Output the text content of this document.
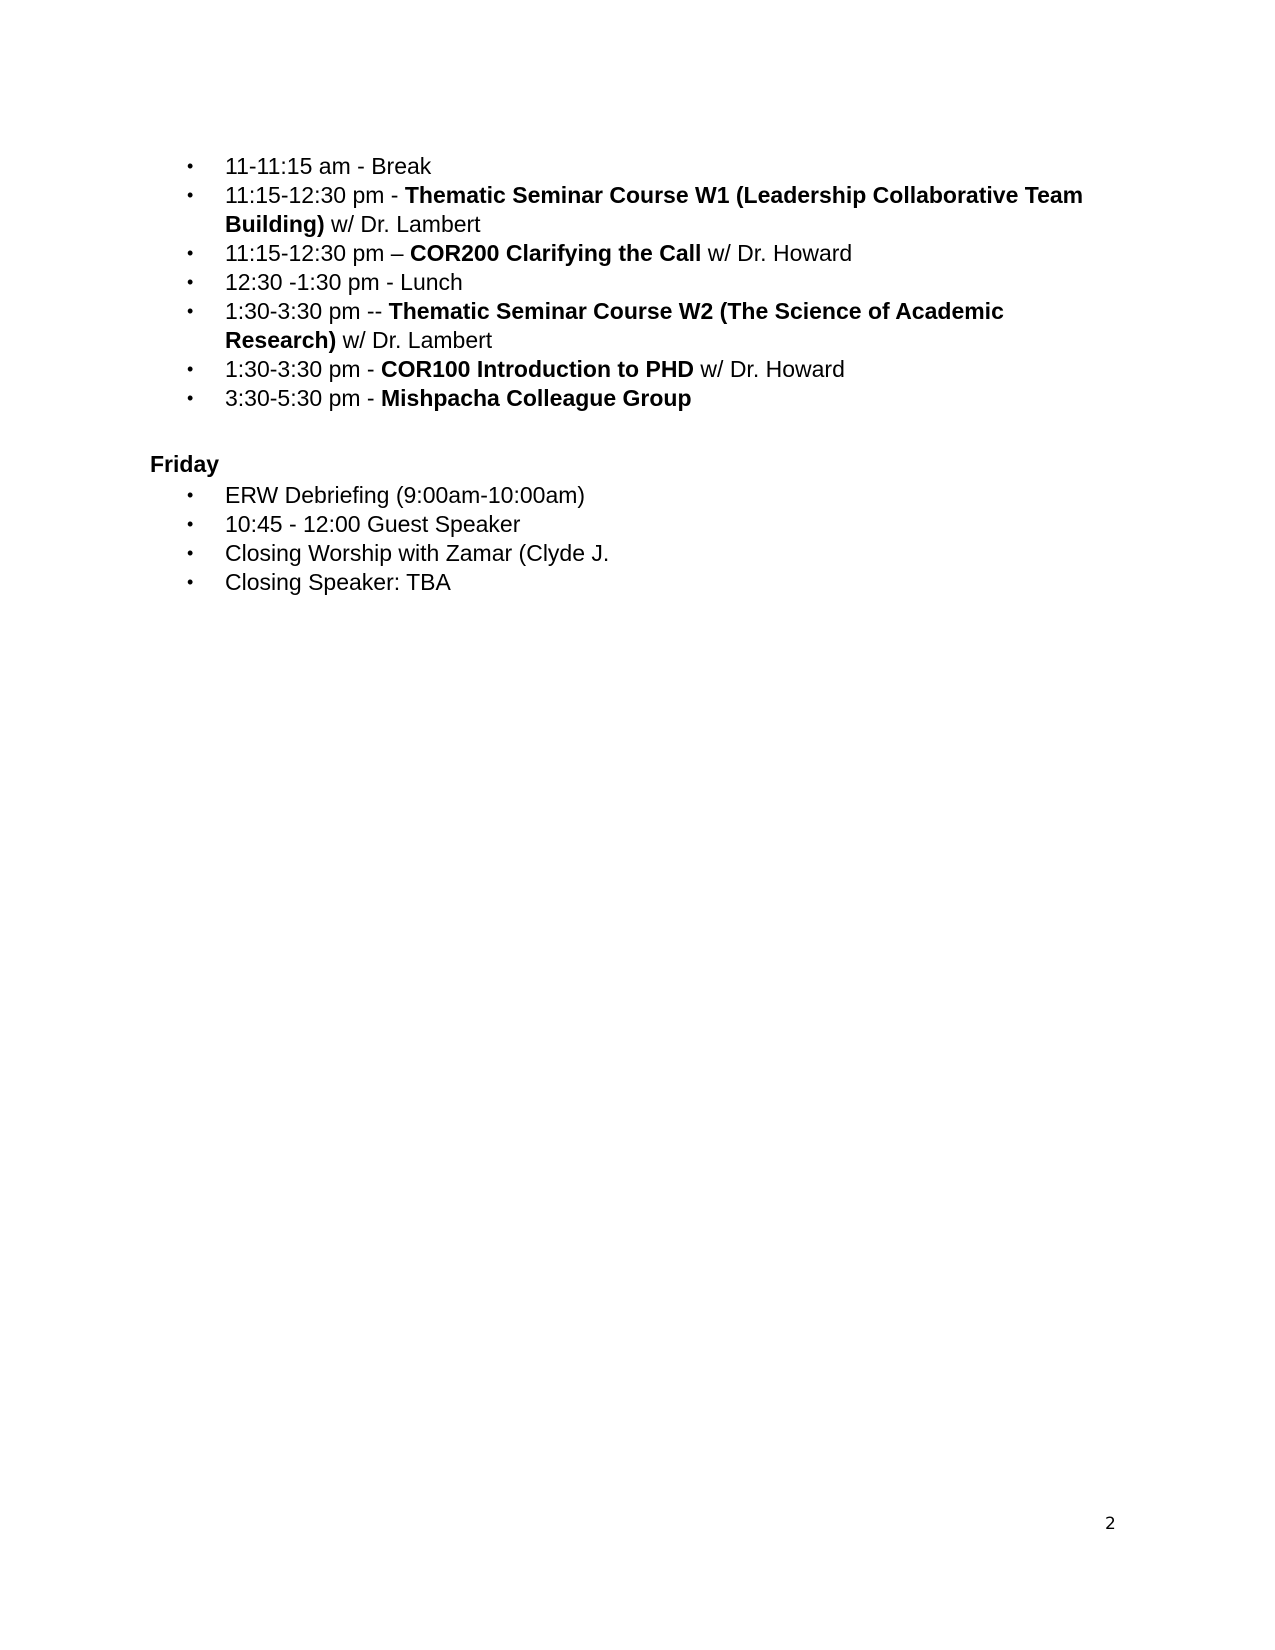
•	11-11:15 am - Break
•	11:15-12:30 pm - Thematic Seminar Course W1 (Leadership Collaborative Team Building) w/ Dr. Lambert
•	11:15-12:30 pm – COR200 Clarifying the Call w/ Dr. Howard
•	12:30 -1:30 pm - Lunch
•	1:30-3:30 pm -- Thematic Seminar Course W2 (The Science of Academic Research) w/ Dr. Lambert
•	1:30-3:30 pm - COR100 Introduction to PHD w/ Dr. Howard
•	3:30-5:30 pm - Mishpacha Colleague Group
Friday
•	ERW Debriefing (9:00am-10:00am)
•	10:45 - 12:00 Guest Speaker
•	Closing Worship with Zamar (Clyde J.
•	Closing Speaker: TBA
2
